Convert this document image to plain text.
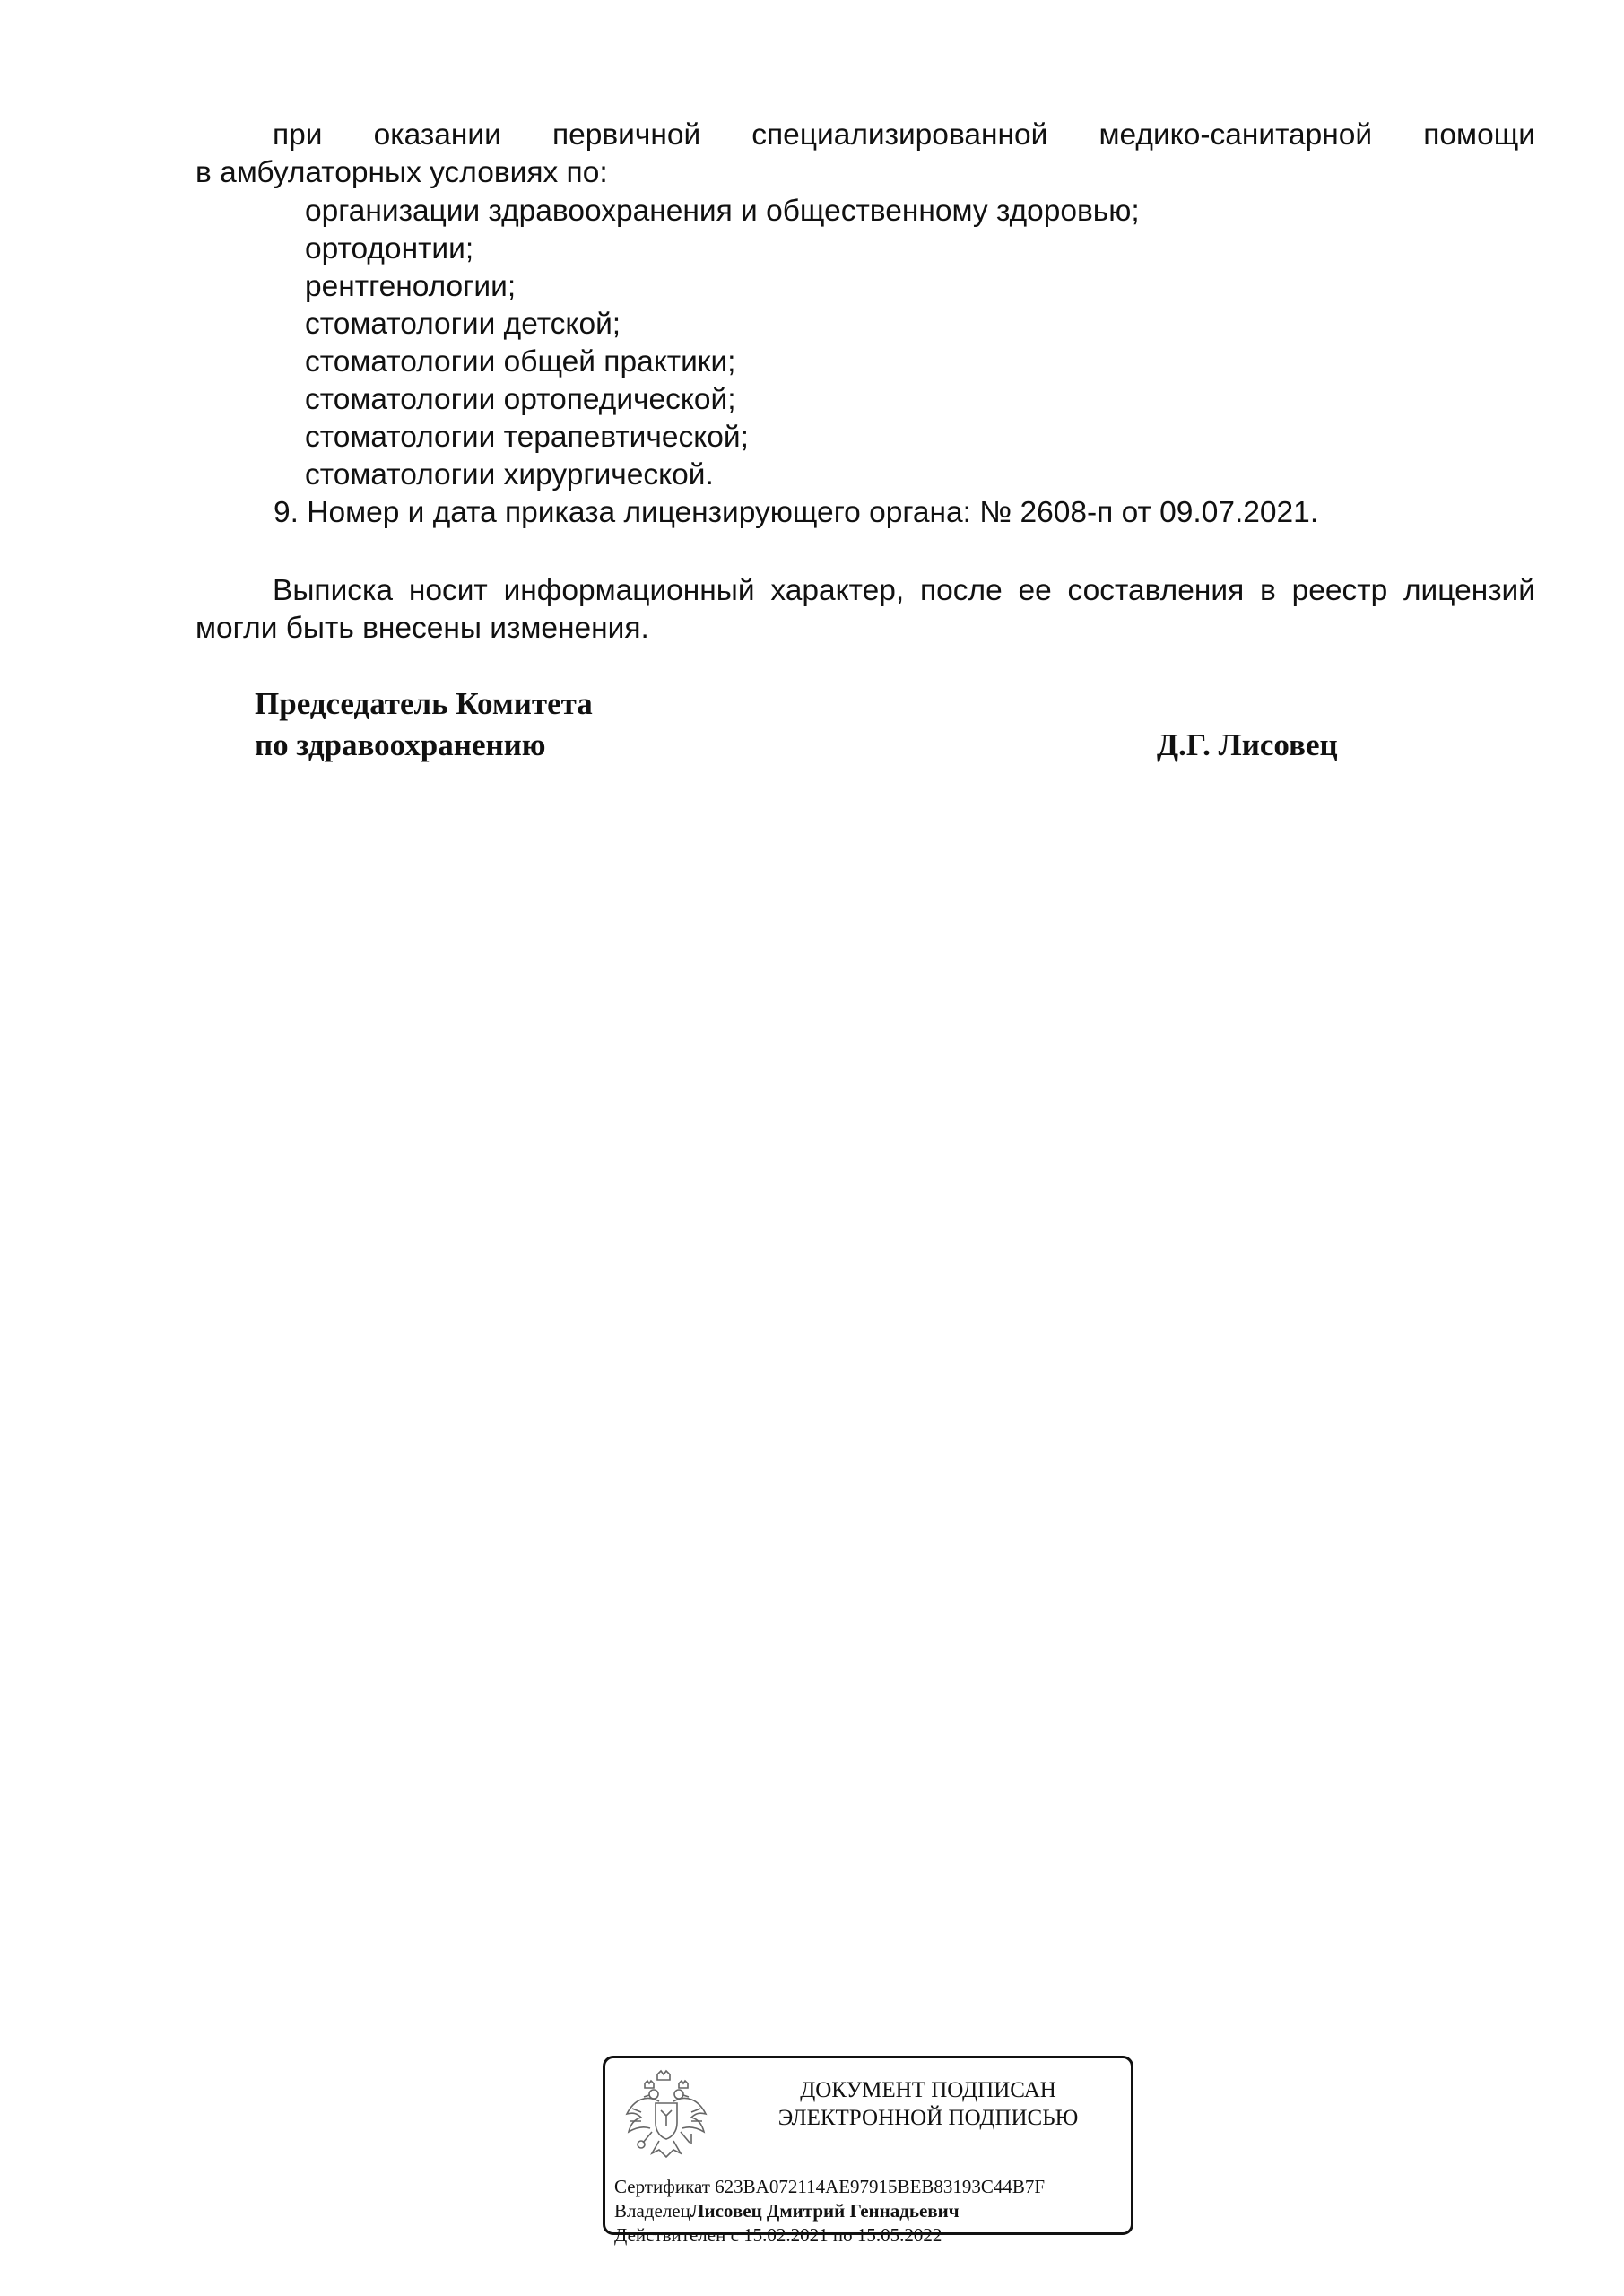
при оказании первичной специализированной медико-санитарной помощи
в амбулаторных условиях по:
организации здравоохранения и общественному здоровью;
ортодонтии;
рентгенологии;
стоматологии детской;
стоматологии общей практики;
стоматологии ортопедической;
стоматологии терапевтической;
стоматологии хирургической.
9. Номер и дата приказа лицензирующего органа: № 2608-п от 09.07.2021.
Выписка носит информационный характер, после ее составления в реестр лицензий
могли быть внесены изменения.
Председатель Комитета
по здравоохранению	Д.Г. Лисовец
ДОКУМЕНТ ПОДПИСАН
ЭЛЕКТРОННОЙ ПОДПИСЬЮ
Сертификат 623BA072114AE97915BEB83193C44B7F
ВладелецЛисовец Дмитрий Геннадьевич
Действителен с 15.02.2021 по 15.05.2022
